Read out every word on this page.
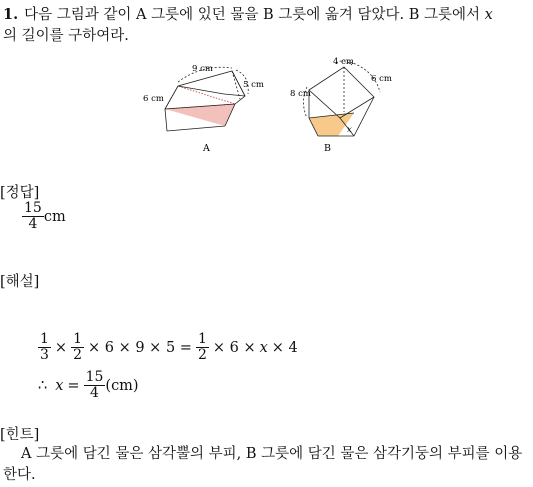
1. 다음 그림과 같이 A 그릇에 있던 물을 B 그릇에 옮겨 담았다. B 그릇에서 x
의 길이를 구하여라.
9 cm
6 cm
5 cm
A
4 cm
6 cm
8 cm
x
B
[정답]
$\frac{15}{4}$ cm
[해설]
$\frac{1}{3} \times \frac{1}{2} \times 6 \times 9 \times 5 = \frac{1}{2} \times 6 \times x \times 4$
∴ $x = \frac{15}{4} (cm)$
[힌트]
A 그릇에 담긴 물은 삼각뿔의 부피, B 그릇에 담긴 물은 삼각기둥의 부피를 이용한다.
